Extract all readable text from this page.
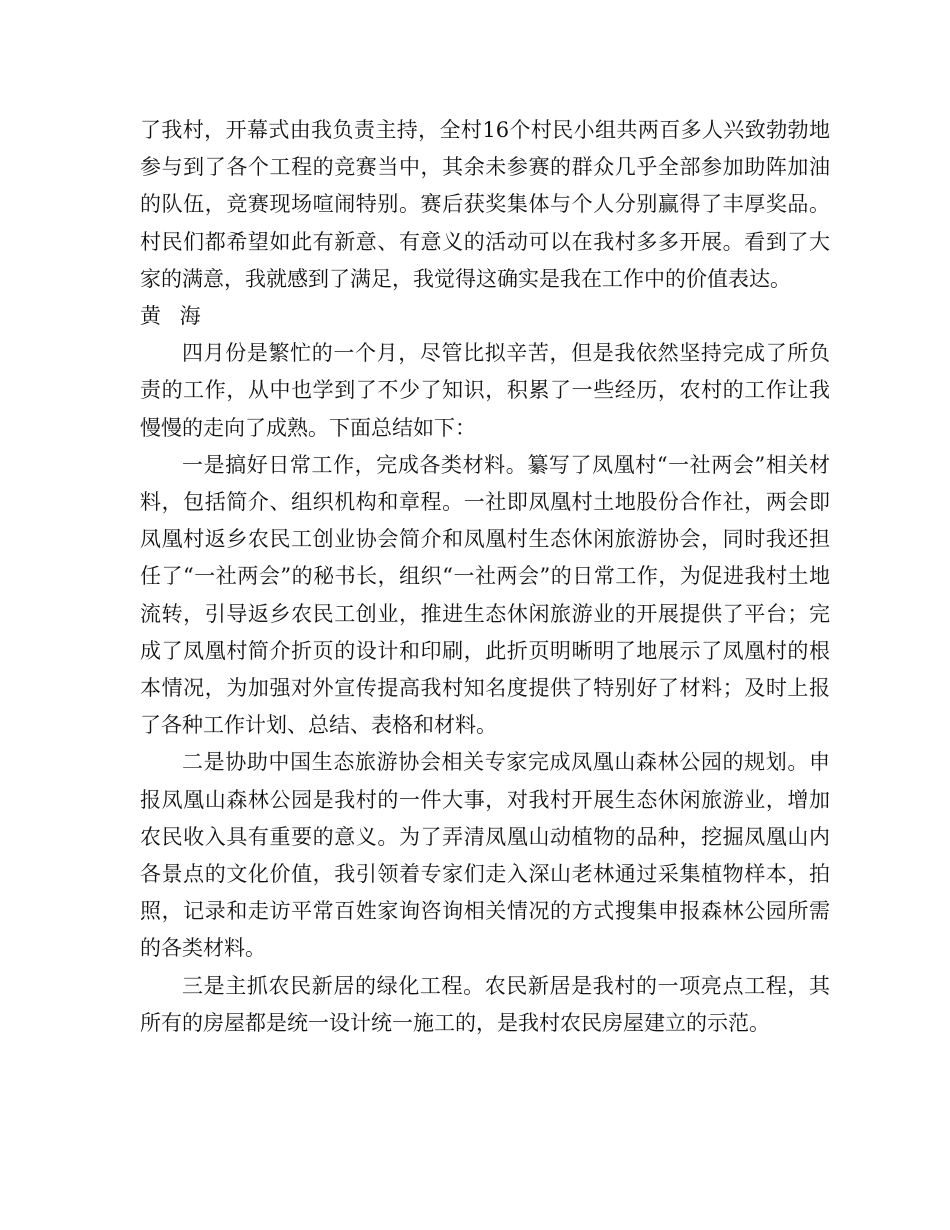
了我村，开幕式由我负责主持，全村16个村民小组共两百多人兴致勃勃地参与到了各个工程的竞赛当中，其余未参赛的群众几乎全部参加助阵加油的队伍，竞赛现场喧闹特别。赛后获奖集体与个人分别赢得了丰厚奖品。村民们都希望如此有新意、有意义的活动可以在我村多多开展。看到了大家的满意，我就感到了满足，我觉得这确实是我在工作中的价值表达。

黄 海

四月份是繁忙的一个月，尽管比拟辛苦，但是我依然坚持完成了所负责的工作，从中也学到了不少了知识，积累了一些经历，农村的工作让我慢慢的走向了成熟。下面总结如下：

一是搞好日常工作，完成各类材料。纂写了凤凰村“一社两会”相关材料，包括简介、组织机构和章程。一社即凤凰村土地股份合作社，两会即凤凰村返乡农民工创业协会简介和凤凰村生态休闲旅游协会，同时我还担任了“一社两会”的秘书长，组织“一社两会”的日常工作，为促进我村土地流转，引导返乡农民工创业，推进生态休闲旅游业的开展提供了平台；完成了凤凰村简介折页的设计和印刷，此折页明晰明了地展示了凤凰村的根本情况，为加强对外宣传提高我村知名度提供了特别好了材料；及时上报了各种工作计划、总结、表格和材料。

二是协助中国生态旅游协会相关专家完成凤凰山森林公园的规划。申报凤凰山森林公园是我村的一件大事，对我村开展生态休闲旅游业，增加农民收入具有重要的意义。为了弄清凤凰山动植物的品种，挖掘凤凰山内各景点的文化价值，我引领着专家们走入深山老林通过采集植物样本，拍照，记录和走访平常百姓家询咨询相关情况的方式搜集申报森林公园所需的各类材料。

三是主抓农民新居的绿化工程。农民新居是我村的一项亮点工程，其所有的房屋都是统一设计统一施工的，是我村农民房屋建立的示范。
